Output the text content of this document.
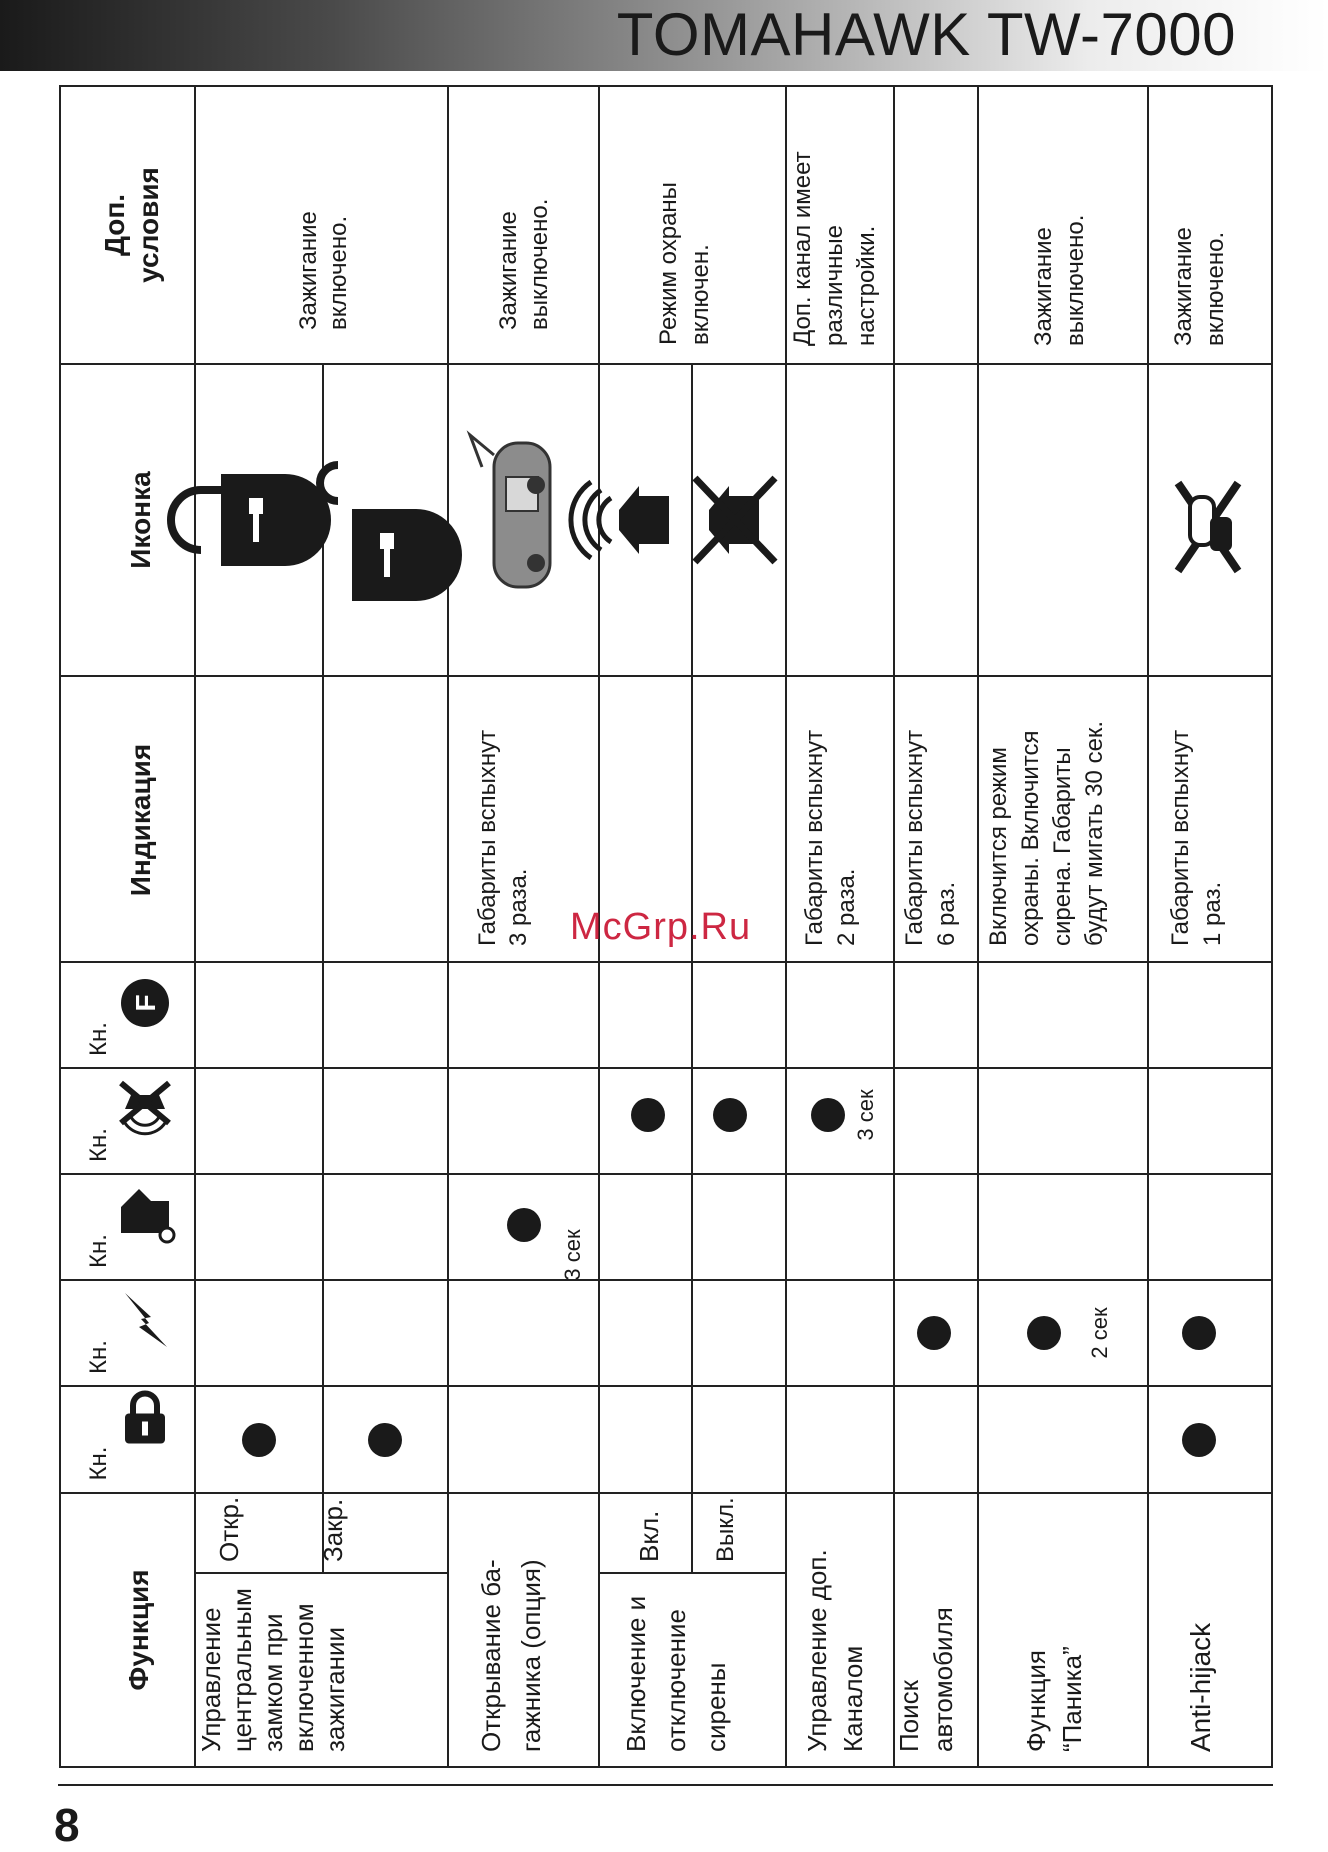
TOMAHAWK TW-7000
Функция
Индикация
Иконка
Доп. условия
Кн.
Кн.
Кн.
Кн.
Кн.
F
Управление центральным замком при включенном зажигании
Откр.	Закр.
Зажигание включено.
Открывание ба- гажника (опция)
3 сек
Габариты вспыхнут 3 раза.
Зажигание выключено.
Включение и отключение сирены
Вкл. Выкл.
Режим охраны включен.
Управление доп. Каналом
3 сек
Габариты вспыхнут 2 раза.
Доп. канал имеет различные настройки.
Поиск автомобиля
Габариты вспыхнут 6 раз.
Функция “Паника”
2 сек
Включится режим охраны. Включится сирена. Габариты будут мигать 30 сек.
Зажигание выключено.
Anti-hijack
Габариты вспыхнут 1 раз.
Зажигание включено.
8
McGrp.Ru
